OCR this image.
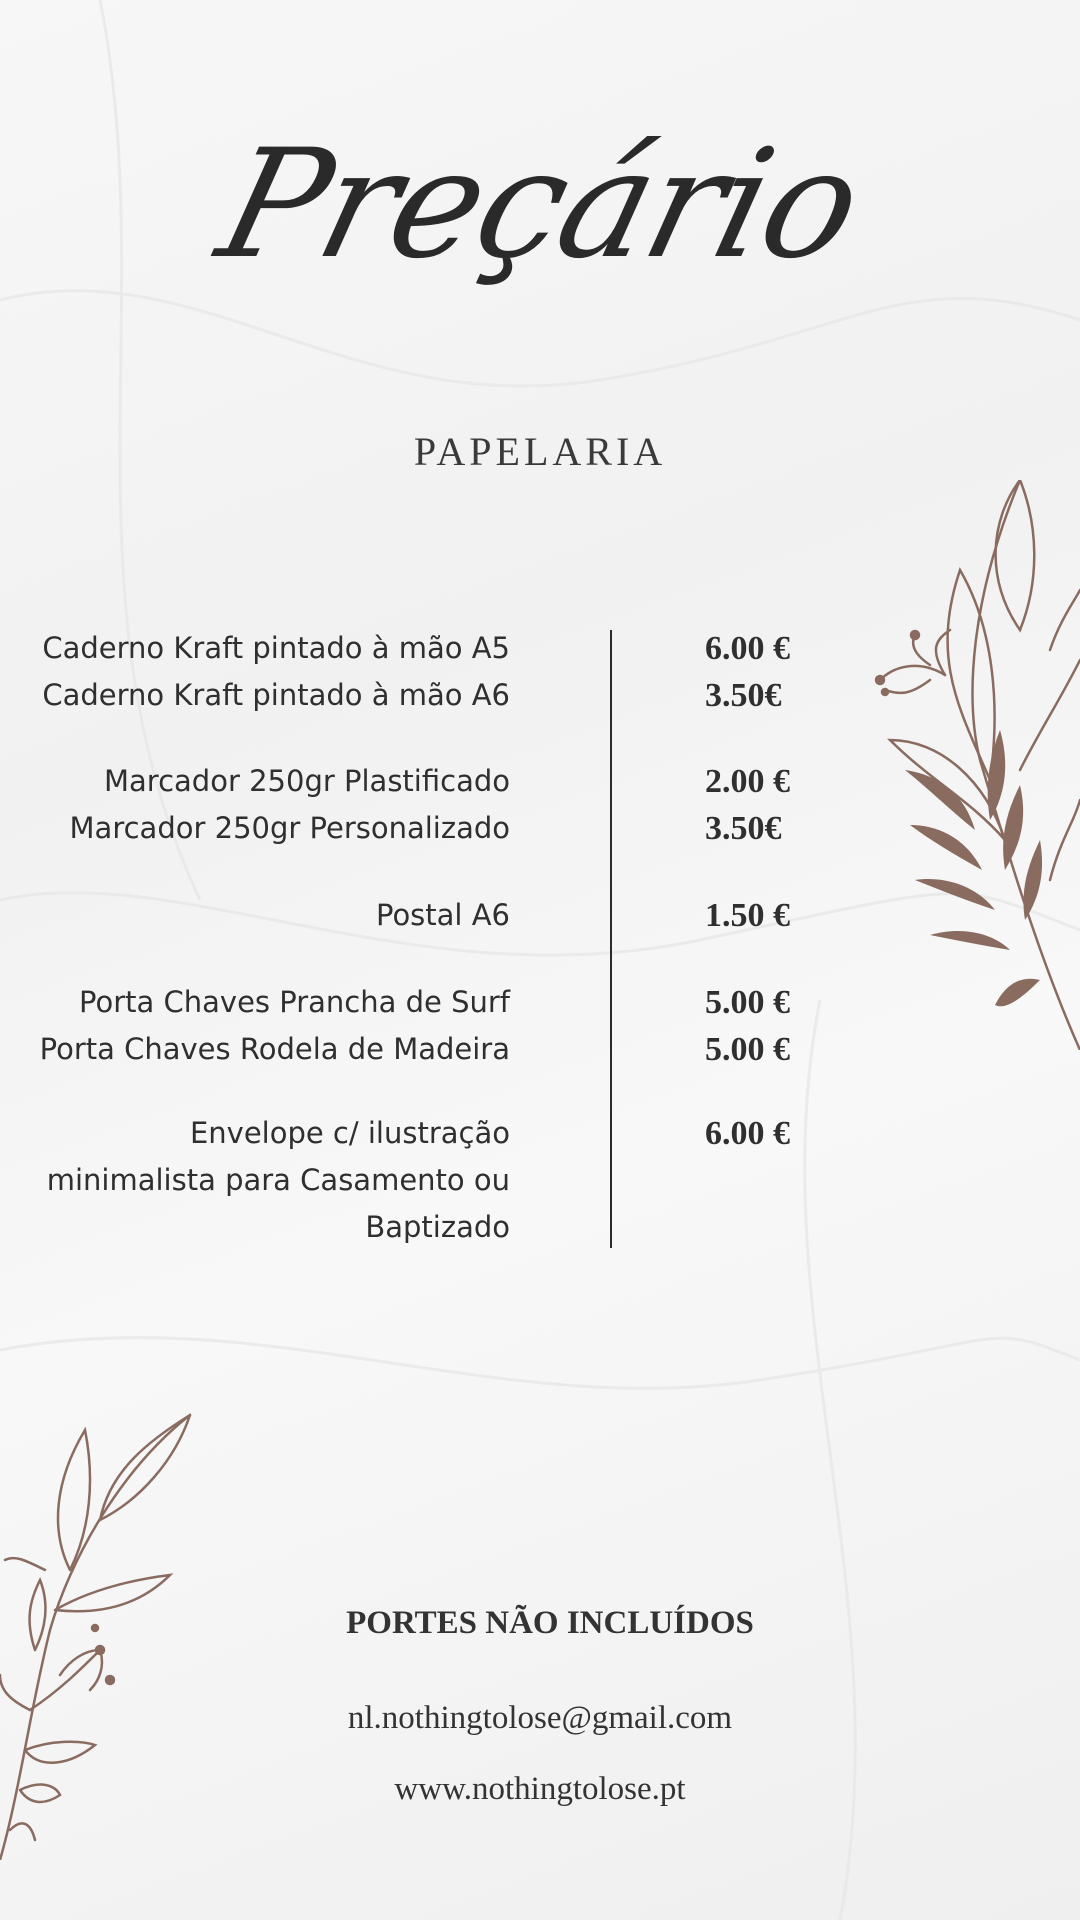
Preçário
PAPELARIA
Caderno Kraft pintado à mão A5
Caderno Kraft pintado à mão A6
Marcador 250gr Plastificado
Marcador 250gr Personalizado
Postal A6
Porta Chaves Prancha de Surf
Porta Chaves Rodela de Madeira
Envelope c/ ilustração
minimalista para Casamento ou
Baptizado
6.00 €
3.50€
2.00 €
3.50€
1.50 €
5.00 €
5.00 €
6.00 €
PORTES NÃO INCLUÍDOS
nl.nothingtolose@gmail.com
www.nothingtolose.pt
